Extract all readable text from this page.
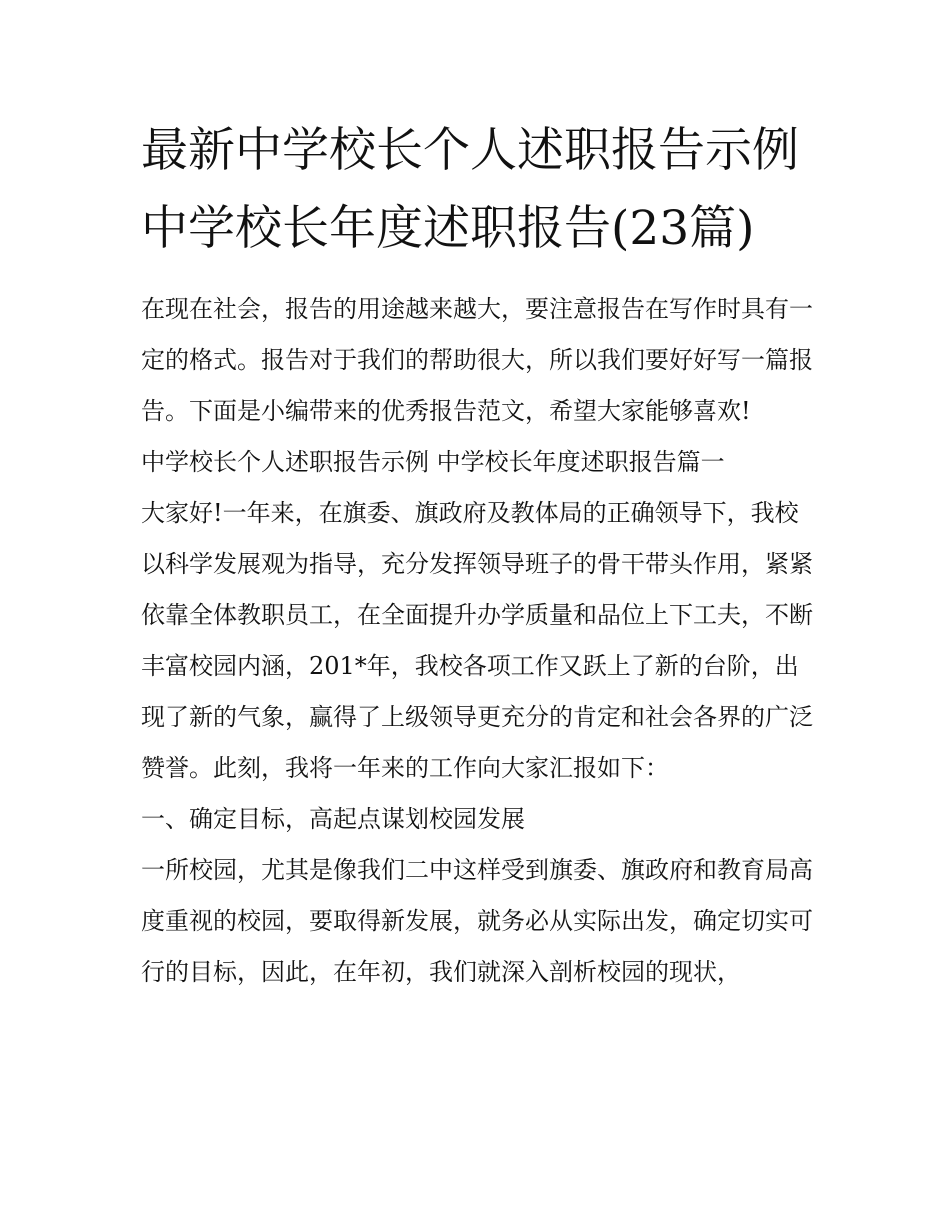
最新中学校长个人述职报告示例 中学校长年度述职报告(23篇)

在现在社会，报告的用途越来越大，要注意报告在写作时具有一定的格式。报告对于我们的帮助很大，所以我们要好好写一篇报告。下面是小编带来的优秀报告范文，希望大家能够喜欢!

中学校长个人述职报告示例 中学校长年度述职报告篇一

大家好!一年来，在旗委、旗政府及教体局的正确领导下，我校以科学发展观为指导，充分发挥领导班子的骨干带头作用，紧紧依靠全体教职员工，在全面提升办学质量和品位上下工夫，不断丰富校园内涵，201*年，我校各项工作又跃上了新的台阶，出现了新的气象，赢得了上级领导更充分的肯定和社会各界的广泛赞誉。此刻，我将一年来的工作向大家汇报如下：

一、确定目标，高起点谋划校园发展

一所校园，尤其是像我们二中这样受到旗委、旗政府和教育局高度重视的校园，要取得新发展，就务必从实际出发，确定切实可行的目标，因此，在年初，我们就深入剖析校园的现状，
